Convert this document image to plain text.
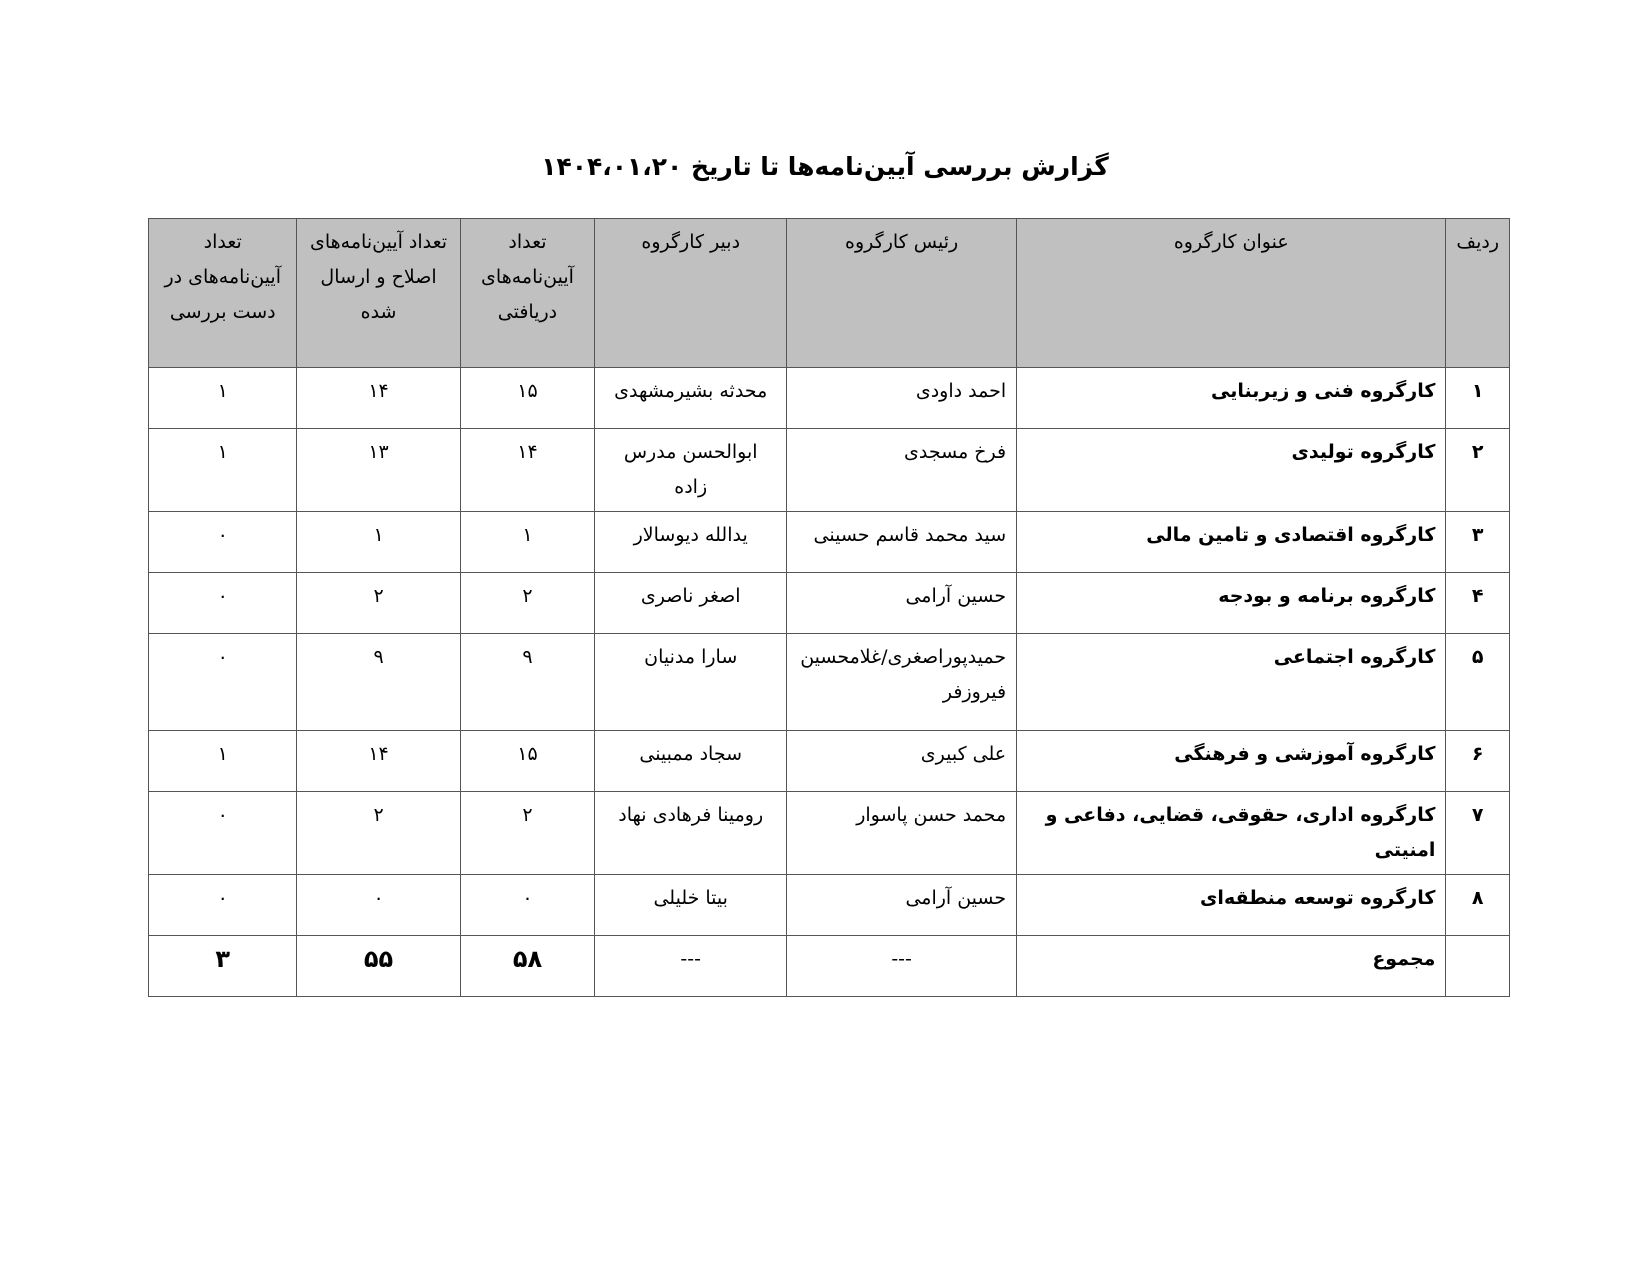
گزارش بررسی آیین‌نامه‌ها تا تاریخ ۱۴۰۴،۰۱،۲۰
ردیف	عنوان کارگروه	رئیس کارگروه	دبیر کارگروه	تعداد آیین‌نامه‌های دریافتی	تعداد آیین‌نامه‌های اصلاح و ارسال شده	تعداد آیین‌نامه‌های در دست بررسی
۱	کارگروه فنی و زیربنایی	احمد داودی	محدثه بشیرمشهدی	۱۵	۱۴	۱
۲	کارگروه تولیدی	فرخ مسجدی	ابوالحسن مدرس زاده	۱۴	۱۳	۱
۳	کارگروه اقتصادی و تامین مالی	سید محمد قاسم حسینی	یدالله دیوسالار	۱	۱	۰
۴	کارگروه برنامه و بودجه	حسین آرامی	اصغر ناصری	۲	۲	۰
۵	کارگروه اجتماعی	حمیدپوراصغری/غلامحسین فیروزفر	سارا مدنیان	۹	۹	۰
۶	کارگروه آموزشی و فرهنگی	علی کبیری	سجاد ممبینی	۱۵	۱۴	۱
۷	کارگروه اداری، حقوقی، قضایی، دفاعی و امنیتی	محمد حسن پاسوار	رومینا فرهادی نهاد	۲	۲	۰
۸	کارگروه توسعه منطقه‌ای	حسین آرامی	بیتا خلیلی	۰	۰	۰
	مجموع	---	---	۵۸	۵۵	۳
